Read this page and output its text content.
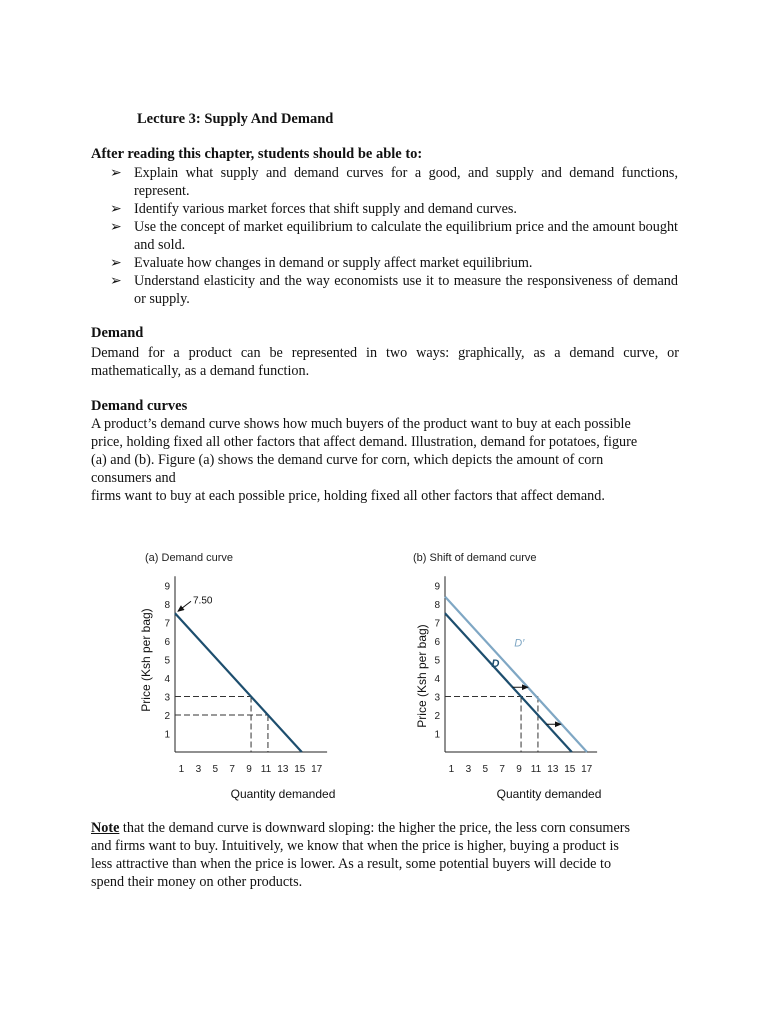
Lecture 3: Supply And Demand
After reading this chapter, students should be able to:
➢ Explain what supply and demand curves for a good, and supply and demand functions, represent.
➢ Identify various market forces that shift supply and demand curves.
➢ Use the concept of market equilibrium to calculate the equilibrium price and the amount bought and sold.
➢ Evaluate how changes in demand or supply affect market equilibrium.
➢ Understand elasticity and the way economists use it to measure the responsiveness of demand or supply.
Demand

Demand for a product can be represented in two ways: graphically, as a demand curve, or mathematically, as a demand function.

Demand curves
A product’s demand curve shows how much buyers of the product want to buy at each possible
price, holding fixed all other factors that affect demand. Illustration, demand for potatoes, figure
(a) and (b). Figure (a) shows the demand curve for corn, which depicts the amount of corn
consumers and
firms want to buy at each possible price, holding fixed all other factors that affect demand.
(a) Demand curve
1
2
3
4
5
6
7
8
9
1 3 5 7 9 11 13 15 17
Quantity demanded
Price (Ksh per bag)
7.50
(b) Shift of demand curve
1
2
3
4
5
6
7
8
9
1 3 5 7 9 11 13 15 17
Quantity demanded
Price (Ksh per bag)	D
D′
Note that the demand curve is downward sloping: the higher the price, the less corn consumers
and firms want to buy. Intuitively, we know that when the price is higher, buying a product is
less attractive than when the price is lower. As a result, some potential buyers will decide to
spend their money on other products.
